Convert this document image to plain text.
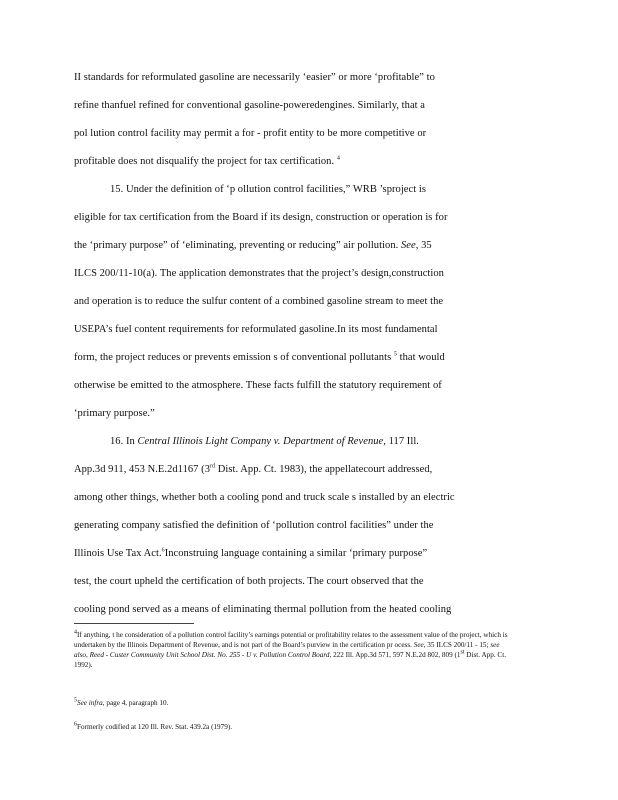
II standards for reformulated gasoline are necessarily ‘easier” or more ‘profitable” to
refine thanfuel refined for conventional gasoline-poweredengines. Similarly, that a
pol lution control facility may permit a for - profit entity to be more competitive or
profitable does not disqualify the project for tax certification. $^4$
15. Under the definition of ‘p ollution control facilities,” WRB ’sproject is
eligible for tax certification from the Board if its design, construction or operation is for
the ‘primary purpose” of ‘eliminating, preventing or reducing” air pollution. See, 35
ILCS 200/11-10(a). The application demonstrates that the project’s design,construction
and operation is to reduce the sulfur content of a combined gasoline stream to meet the
USEPA’s fuel content requirements for reformulated gasoline.In its most fundamental
form, the project reduces or prevents emission s of conventional pollutants $^5$ that would
otherwise be emitted to the atmosphere. These facts fulfill the statutory requirement of
‘primary purpose.”
16. In Central Illinois Light Company v. Department of Revenue, 117 Ill.
App.3d 911, 453 N.E.2d1167 (3rd Dist. App. Ct. 1983), the appellatecourt addressed,
among other things, whether both a cooling pond and truck scale s installed by an electric
generating company satisfied the definition of ‘pollution control facilities” under the
Illinois Use Tax Act.$^6$Inconstruing language containing a similar ‘primary purpose”
test, the court upheld the certification of both projects. The court observed that the
cooling pond served as a means of eliminating thermal pollution from the heated cooling

$^4$If anything, t he consideration of a pollution control facility’s earnings potential or profitability relates to the assessment value of the project, which is undertaken by the Illinois Department of Revenue, and is not part of the Board’s purview in the certification pr ocess. See, 35 ILCS 200/11 - 15; see also, Reed - Custer Community Unit School Dist. No. 255 - U v. Pollution Control Board, 222 Ill. App.3d 571, 597 N.E.2d 802, 809 (1st Dist. App. Ct. 1992).

$^5$See infra, page 4, paragraph 10.

$^6$Formerly codified at 120 Ill. Rev. Stat. 439.2a (1979).
